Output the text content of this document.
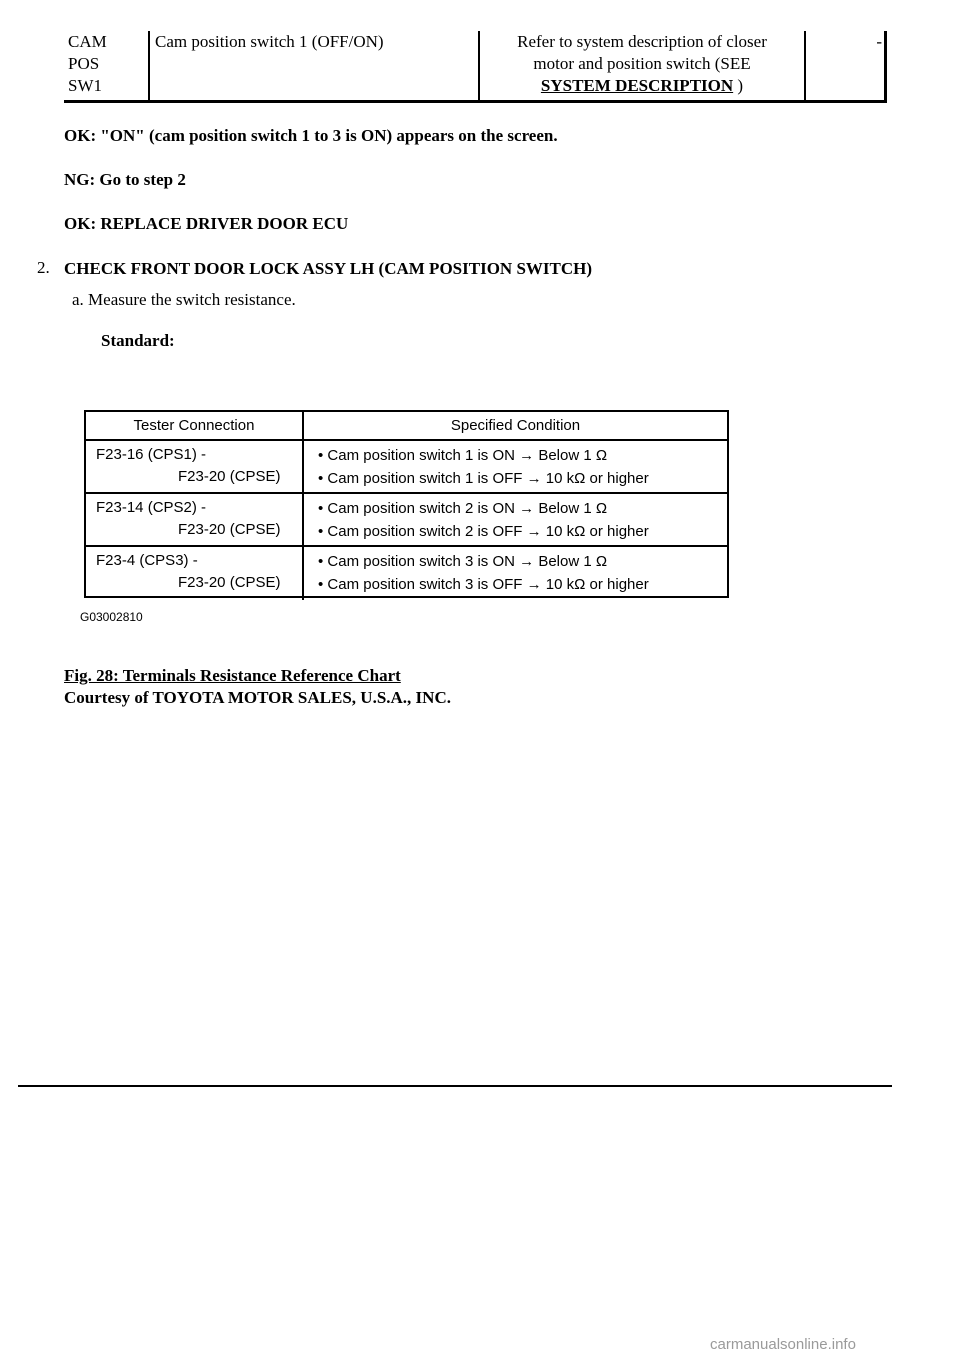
CAM
POS
SW1
Cam position switch 1 (OFF/ON)	Refer to system description of closer
motor and position switch (SEE
SYSTEM DESCRIPTION )
-
OK: "ON" (cam position switch 1 to 3 is ON) appears on the screen.
NG: Go to step 2
OK: REPLACE DRIVER DOOR ECU
2. CHECK FRONT DOOR LOCK ASSY LH (CAM POSITION SWITCH)
a. Measure the switch resistance.
Standard:
Tester Connection	Specified Condition
F23-16 (CPS1) -
F23-20 (CPSE)
• Cam position switch 1 is ON → Below 1 Ω
• Cam position switch 1 is OFF → 10 kΩ or higher
F23-14 (CPS2) -
F23-20 (CPSE)
• Cam position switch 2 is ON → Below 1 Ω
• Cam position switch 2 is OFF → 10 kΩ or higher
F23-4 (CPS3) -
F23-20 (CPSE)
• Cam position switch 3 is ON → Below 1 Ω
• Cam position switch 3 is OFF → 10 kΩ or higher
G03002810
Fig. 28: Terminals Resistance Reference Chart
Courtesy of TOYOTA MOTOR SALES, U.S.A., INC.
carmanualsonline.info
